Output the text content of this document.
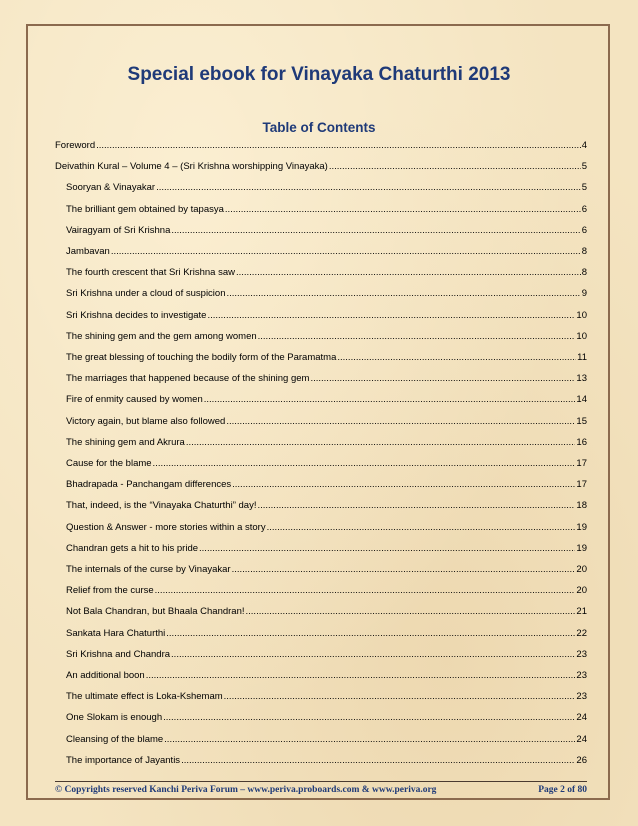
Special ebook for Vinayaka Chaturthi 2013
Table of Contents
Foreword .....	4
Deivathin Kural – Volume 4 – (Sri Krishna worshipping Vinayaka) .....	5
Sooryan & Vinayakar .....	5
The brilliant gem obtained by tapasya .....	6
Vairagyam of Sri Krishna .....	6
Jambavan .....	8
The fourth crescent that Sri Krishna saw .....	8
Sri Krishna under a cloud of suspicion .....	9
Sri Krishna decides to investigate .....	10
The shining gem and the gem among women .....	10
The great blessing of touching the bodily form of the Paramatma .....	11
The marriages that happened because of the shining gem .....	13
Fire of enmity caused by women .....	14
Victory again, but blame also followed .....	15
The shining gem and Akrura .....	16
Cause for the blame .....	17
Bhadrapada - Panchangam differences .....	17
That, indeed, is the “Vinayaka Chaturthi” day! .....	18
Question & Answer - more stories within a story .....	19
Chandran gets a hit to his pride .....	19
The internals of the curse by Vinayakar .....	20
Relief from the curse .....	20
Not Bala Chandran, but Bhaala Chandran! .....	21
Sankata Hara Chaturthi .....	22
Sri Krishna and Chandra .....	23
An additional boon .....	23
The ultimate effect is Loka-Kshemam .....	23
One Slokam is enough .....	24
Cleansing of the blame .....	24
The importance of Jayantis .....	26
© Copyrights reserved Kanchi Periva Forum – www.periva.proboards.com & www.periva.org	Page 2 of 80
